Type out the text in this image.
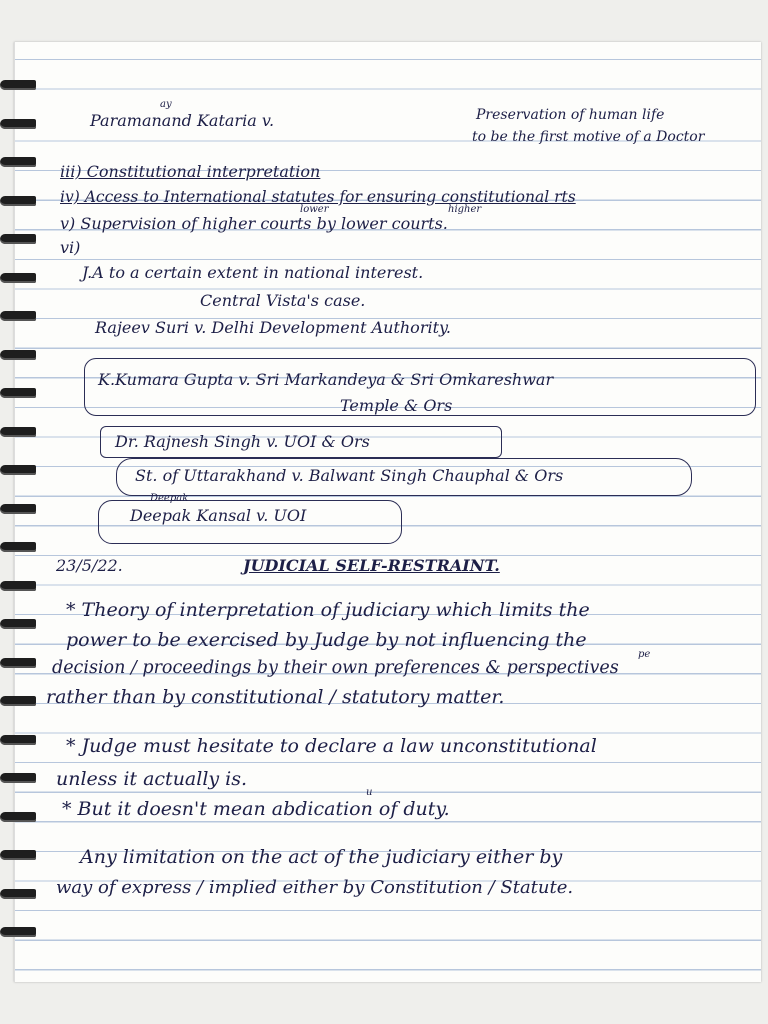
Paramanand Kataria v.
ay
Preservation of human life
to be the first motive of a Doctor
iii) Constitutional interpretation
iv) Access to International statutes for ensuring constitutional rts
lower	higher
v) Supervision of higher courts by lower courts.
vi)
J.A to a certain extent in national interest.
Central Vista's case.
Rajeev Suri v. Delhi Development Authority.
K.Kumara Gupta v. Sri Markandeya & Sri Omkareshwar
Temple & Ors
Dr. Rajnesh Singh v. UOI & Ors
St. of Uttarakhand v. Balwant Singh Chauphal & Ors
Deepak
Deepak Kansal v. UOI
23/5/22.	JUDICIAL SELF-RESTRAINT.
* Theory of interpretation of judiciary which limits the
power to be exercised by Judge by not influencing the
pe
decision / proceedings by their own preferences & perspectives
rather than by constitutional / statutory matter.
* Judge must hesitate to declare a law unconstitutional
unless it actually is.
u
* But it doesn't mean abdication of duty.
Any limitation on the act of the judiciary either by
way of express / implied either by Constitution / Statute.
